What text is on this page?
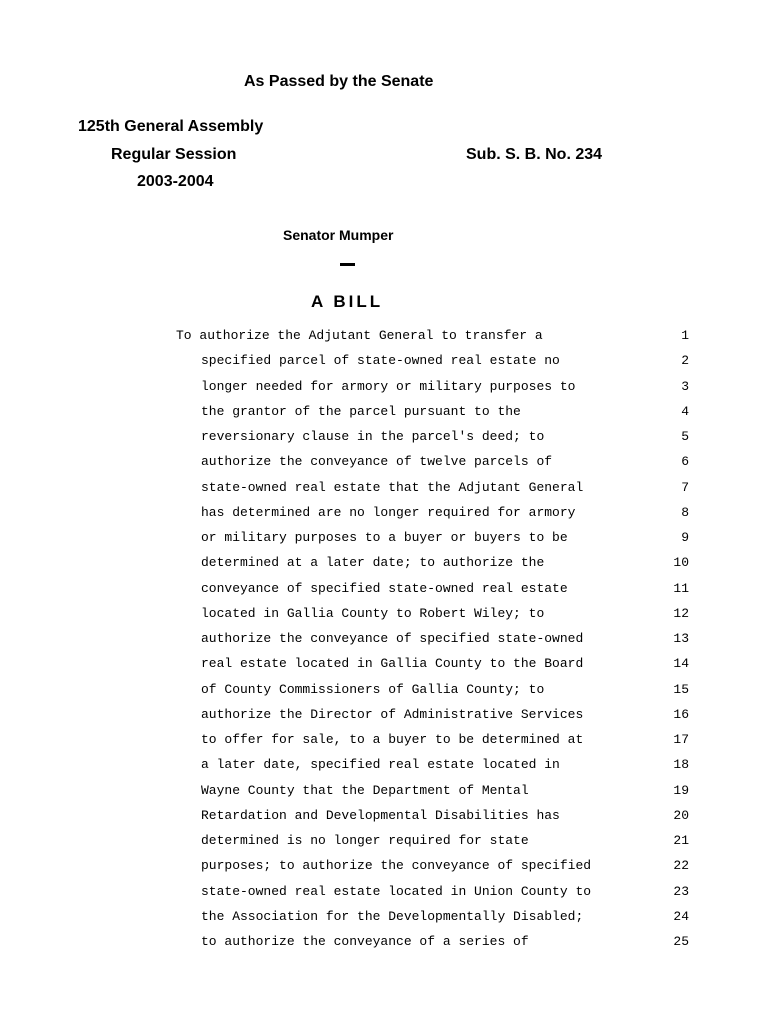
As Passed by the Senate
125th General Assembly
Regular Session
2003-2004
Sub. S. B. No. 234
Senator Mumper
A BILL
To authorize the Adjutant General to transfer a	1
specified parcel of state-owned real estate no	2
longer needed for armory or military purposes to	3
the grantor of the parcel pursuant to the	4
reversionary clause in the parcel's deed; to	5
authorize the conveyance of twelve parcels of	6
state-owned real estate that the Adjutant General	7
has determined are no longer required for armory	8
or military purposes to a buyer or buyers to be	9
determined at a later date; to authorize the	10
conveyance of specified state-owned real estate	11
located in Gallia County to Robert Wiley; to	12
authorize the conveyance of specified state-owned	13
real estate located in Gallia County to the Board	14
of County Commissioners of Gallia County; to	15
authorize the Director of Administrative Services	16
to offer for sale, to a buyer to be determined at	17
a later date, specified real estate located in	18
Wayne County that the Department of Mental	19
Retardation and Developmental Disabilities has	20
determined is no longer required for state	21
purposes; to authorize the conveyance of specified	22
state-owned real estate located in Union County to	23
the Association for the Developmentally Disabled;	24
to authorize the conveyance of a series of	25
